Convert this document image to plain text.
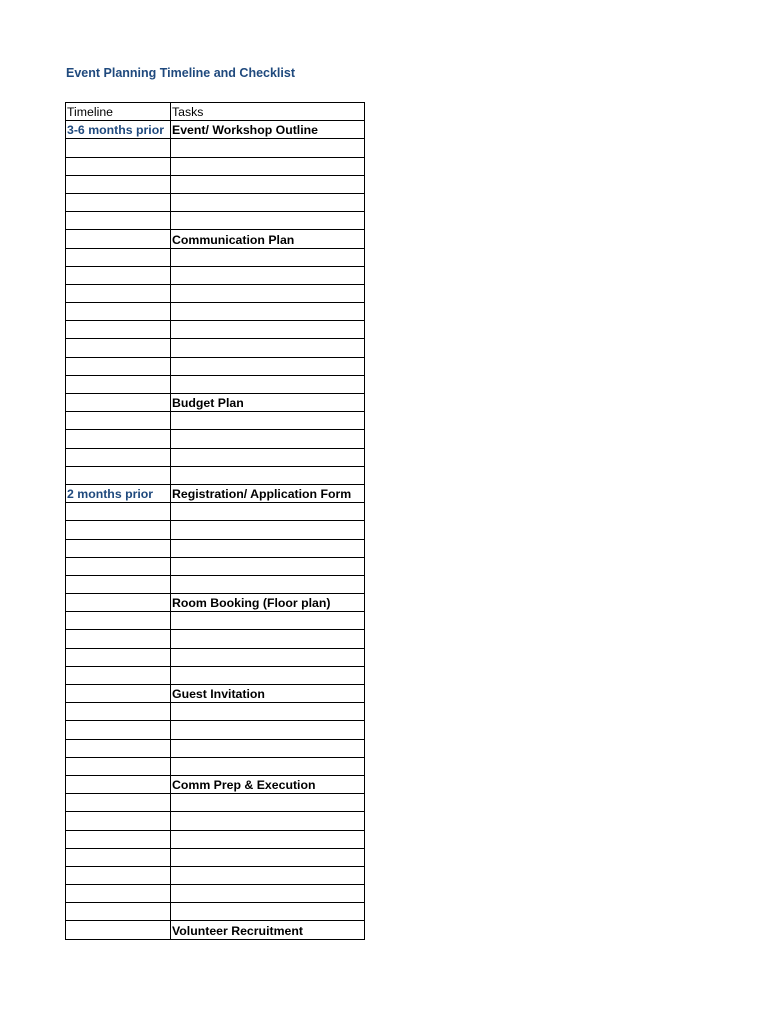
Event Planning Timeline and Checklist
Timeline	Tasks
3-6 months prior	Event/ Workshop Outline

	Communication Plan

	Budget Plan

2 months prior	Registration/ Application Form

	Room Booking (Floor plan)

	Guest Invitation

	Comm Prep & Execution

	Volunteer Recruitment
